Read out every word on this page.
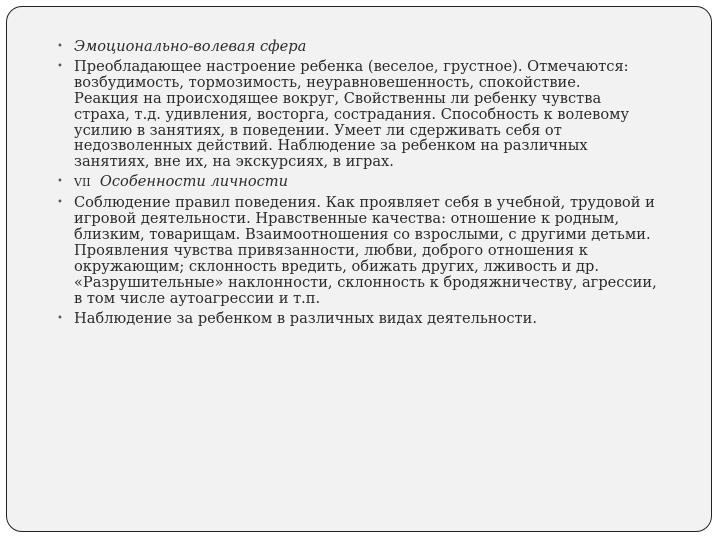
• Эмоционально-волевая сфера
• Преобладающее настроение ребенка (веселое, грустное). Отмечаются:
возбудимость, тормозимость, неуравновешенность, спокойствие.
Реакция на происходящее вокруг, Свойственны ли ребенку чувства
страха, т.д. удивления, восторга, сострадания. Способность к волевому
усилию в занятиях, в поведении. Умеет ли сдерживать себя от
недозволенных действий. Наблюдение за ребенком на различных
занятиях, вне их, на экскурсиях, в играх.
• VII Особенности личности
• Соблюдение правил поведения. Как проявляет себя в учебной, трудовой и
игровой деятельности. Нравственные качества: отношение к родным,
близким, товарищам. Взаимоотношения со взрослыми, с другими детьми.
Проявления чувства привязанности, любви, доброго отношения к
окружающим; склонность вредить, обижать других, лживость и др.
«Разрушительные» наклонности, склонность к бродяжничеству, агрессии,
в том числе аутоагрессии и т.п.
• Наблюдение за ребенком в различных видах деятельности.
